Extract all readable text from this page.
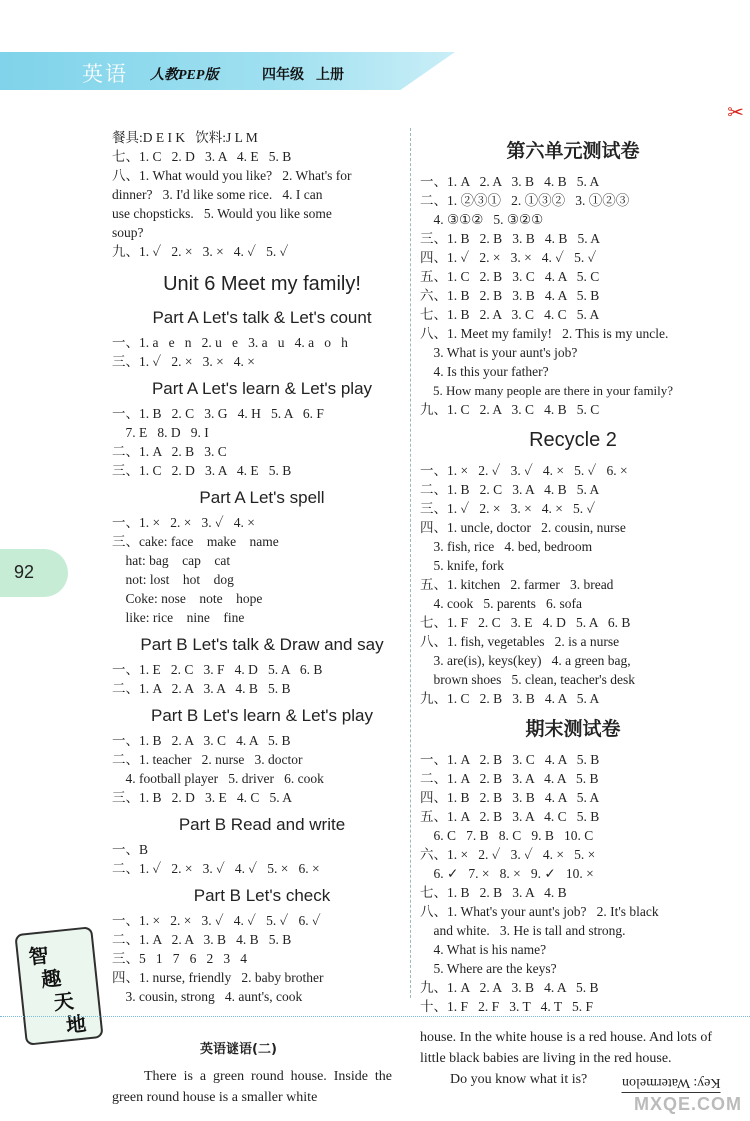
英语 人教PEP版	四年级 上册
✂
92
餐具:D E I K   饮料:J L M
七、1. C   2. D   3. A   4. E   5. B
八、1. What would you like?   2. What's for
dinner?   3. I'd like some rice.   4. I can
use chopsticks.   5. Would you like some
soup?
九、1. ✓   2. ×   3. ×   4. ✓   5. ✓
Unit 6 Meet my family!
Part A Let's talk & Let's count
一、1. a   e   n   2. u   e   3. a   u   4. a   o   h
三、1. ✓   2. ×   3. ×   4. ×
Part A Let's learn & Let's play
一、1. B   2. C   3. G   4. H   5. A   6. F
7. E   8. D   9. I
二、1. A   2. B   3. C
三、1. C   2. D   3. A   4. E   5. B
Part A Let's spell
一、1. ×   2. ×   3. ✓   4. ×
三、cake: face    make    name
hat: bag    cap    cat
not: lost    hot    dog
Coke: nose    note    hope
like: rice    nine    fine
Part B Let's talk & Draw and say
一、1. E   2. C   3. F   4. D   5. A   6. B
二、1. A   2. A   3. A   4. B   5. B
Part B Let's learn & Let's play
一、1. B   2. A   3. C   4. A   5. B
二、1. teacher   2. nurse   3. doctor
4. football player   5. driver   6. cook
三、1. B   2. D   3. E   4. C   5. A
Part B Read and write
一、B
二、1. ✓   2. ×   3. ✓   4. ✓   5. ×   6. ×
Part B Let's check
一、1. ×   2. ×   3. ✓   4. ✓   5. ✓   6. ✓
二、1. A   2. A   3. B   4. B   5. B
三、5   1   7   6   2   3   4
四、1. nurse, friendly   2. baby brother
3. cousin, strong   4. aunt's, cook
第六单元测试卷
一、1. A   2. A   3. B   4. B   5. A
二、1. ②③①   2. ①③②   3. ①②③
4. ③①②   5. ③②①
三、1. B   2. B   3. B   4. B   5. A
四、1. ✓   2. ×   3. ×   4. ✓   5. ✓
五、1. C   2. B   3. C   4. A   5. C
六、1. B   2. B   3. B   4. A   5. B
七、1. B   2. A   3. C   4. C   5. A
八、1. Meet my family!   2. This is my uncle.
3. What is your aunt's job?
4. Is this your father?
5. How many people are there in your family?
九、1. C   2. A   3. C   4. B   5. C
Recycle 2
一、1. ×   2. ✓   3. ✓   4. ×   5. ✓   6. ×
二、1. B   2. C   3. A   4. B   5. A
三、1. ✓   2. ×   3. ×   4. ×   5. ✓
四、1. uncle, doctor   2. cousin, nurse
3. fish, rice   4. bed, bedroom
5. knife, fork
五、1. kitchen   2. farmer   3. bread
4. cook   5. parents   6. sofa
七、1. F   2. C   3. E   4. D   5. A   6. B
八、1. fish, vegetables   2. is a nurse
3. are(is), keys(key)   4. a green bag,
brown shoes   5. clean, teacher's desk
九、1. C   2. B   3. B   4. A   5. A
期末测试卷
一、1. A   2. B   3. C   4. A   5. B
二、1. A   2. B   3. A   4. A   5. B
四、1. B   2. B   3. B   4. A   5. A
五、1. A   2. B   3. A   4. C   5. B
6. C   7. B   8. C   9. B   10. C
六、1. ×   2. ✓   3. ✓   4. ×   5. ×
6. ✓   7. ×   8. ×   9. ✓   10. ×
七、1. B   2. B   3. A   4. B
八、1. What's your aunt's job?   2. It's black
and white.   3. He is tall and strong.
4. What is his name?
5. Where are the keys?
九、1. A   2. A   3. B   4. A   5. B
十、1. F   2. F   3. T   4. T   5. F
智
趣
天
地
英语谜语(二)
There is a green round house. Inside the green round house is a smaller white
house. In the white house is a red house. And lots of little black babies are living in the red house.
Do you know what it is?	Key: Watermelon
MXQE.COM
